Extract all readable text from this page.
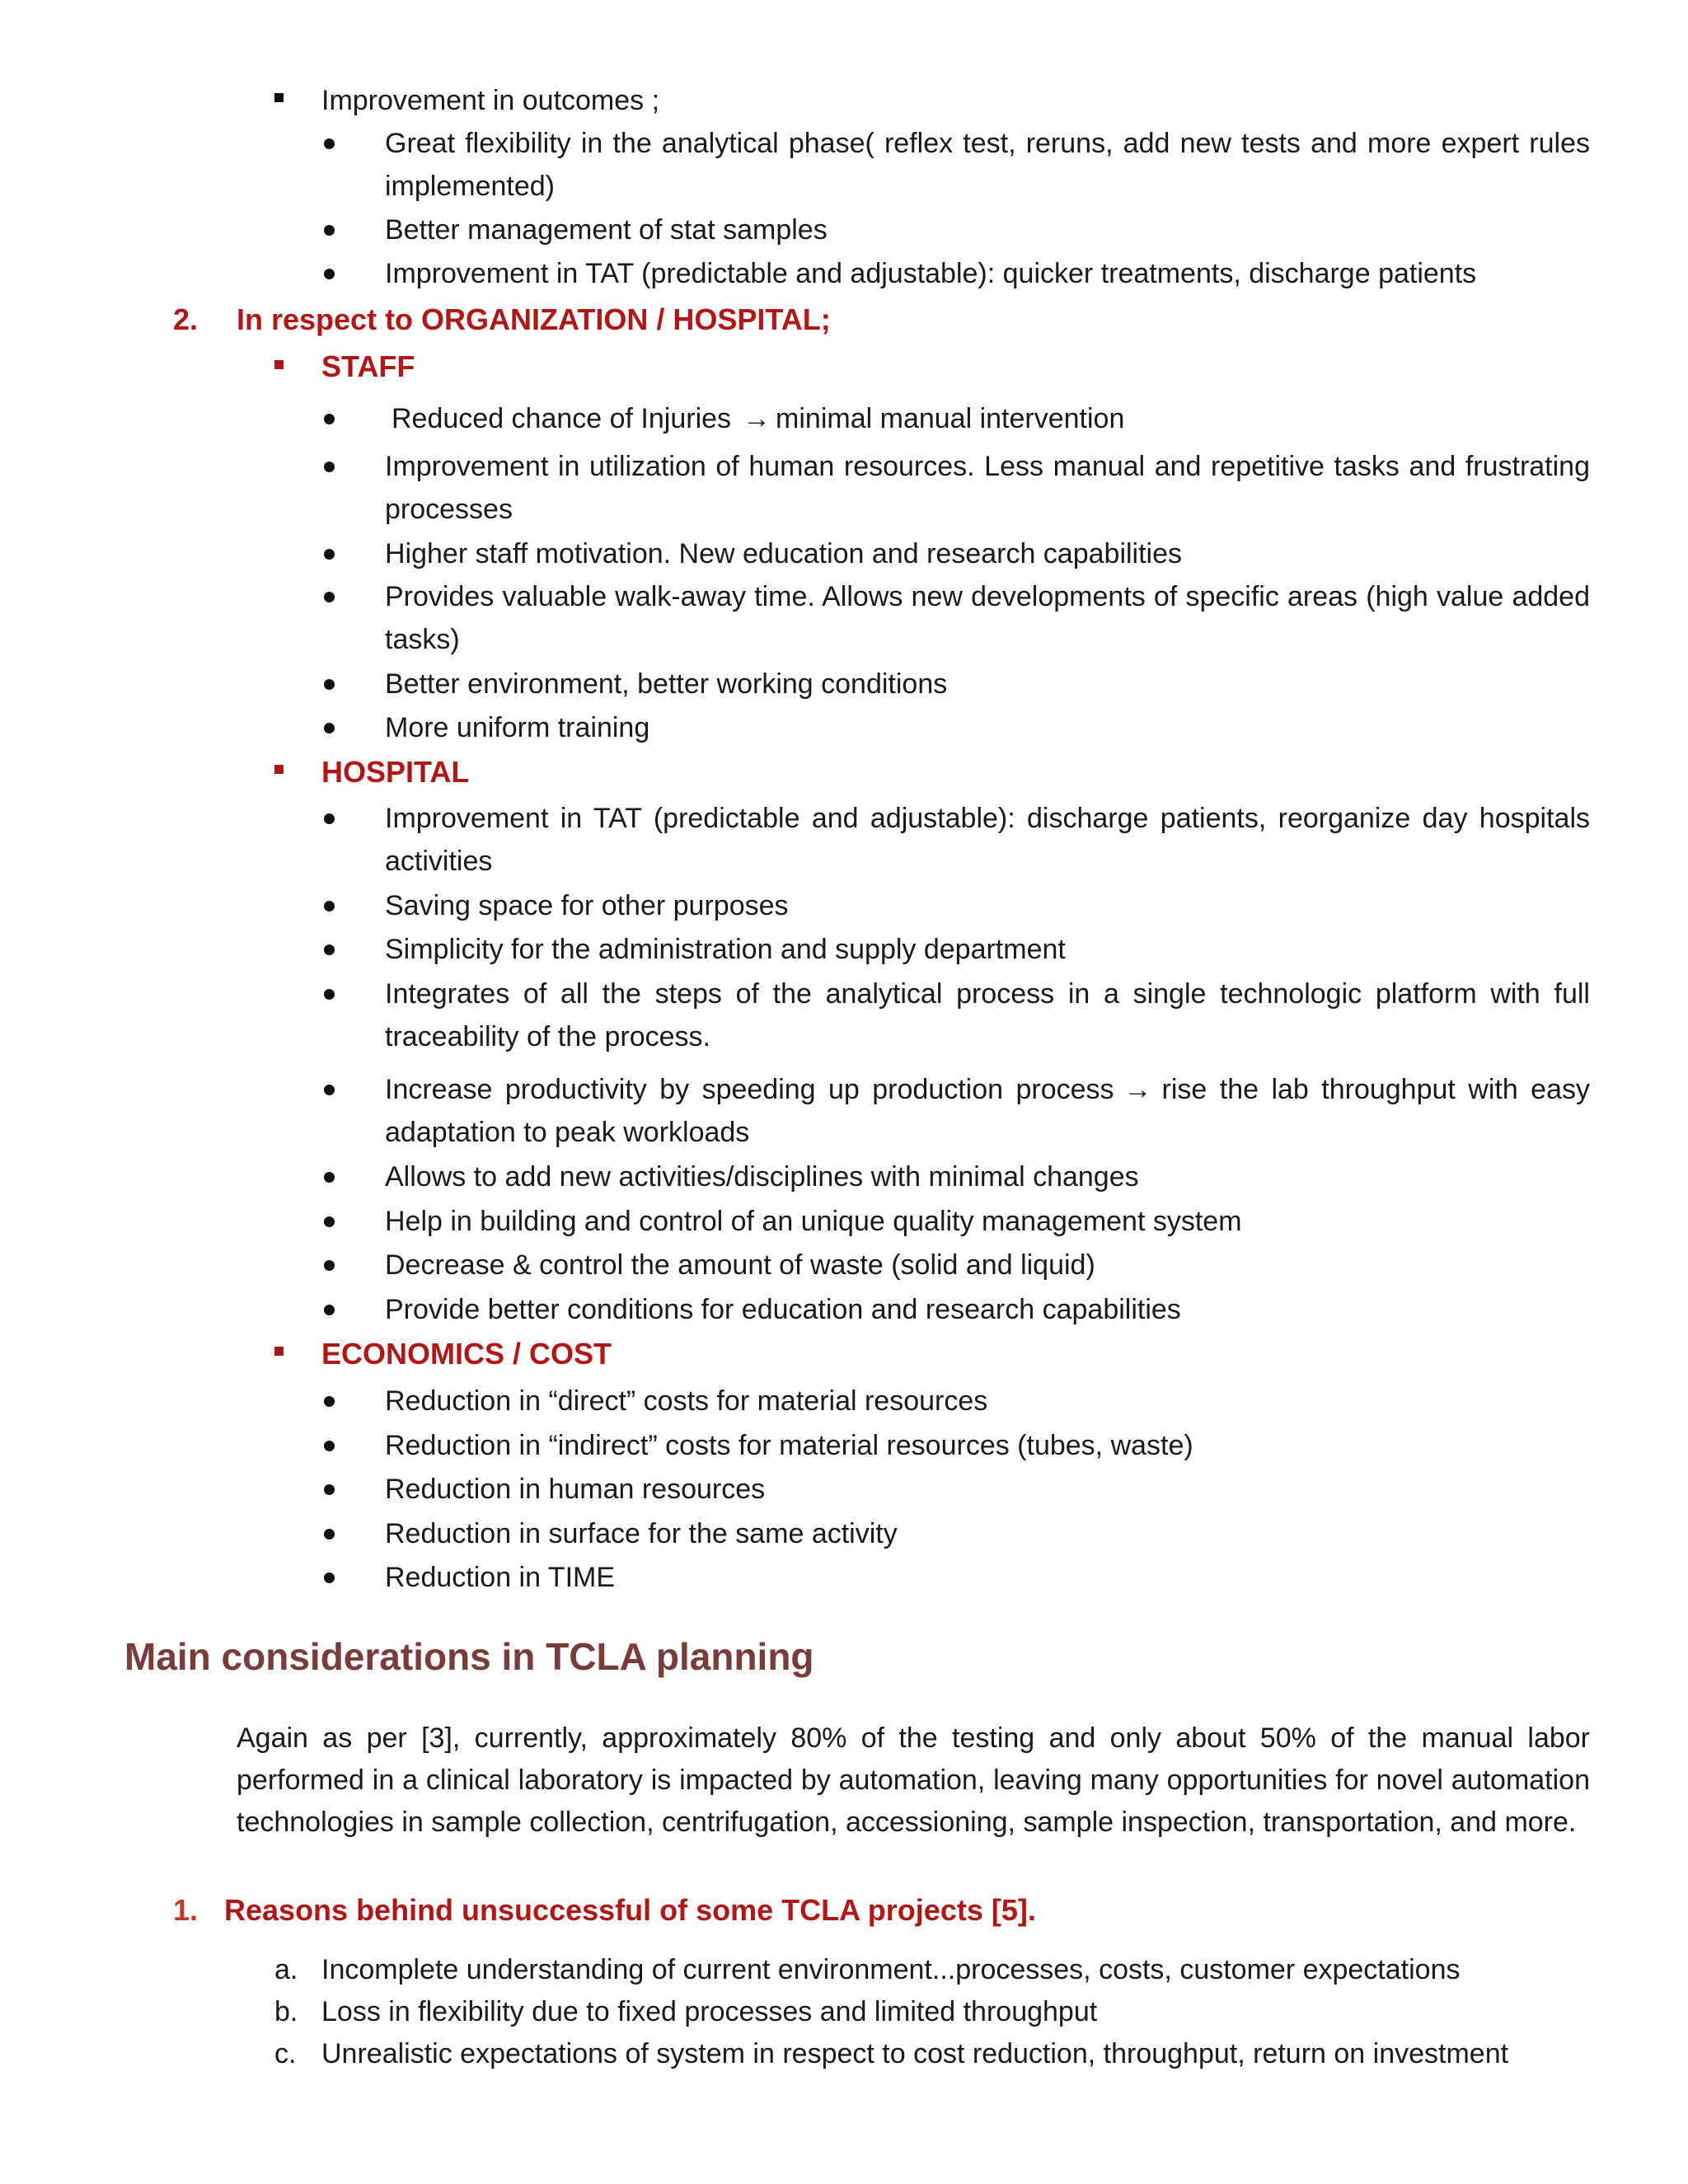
Improvement in outcomes ;
Great flexibility in the analytical phase( reflex test, reruns, add new tests and more expert rules implemented)
Better management of stat samples
Improvement in TAT (predictable and adjustable): quicker treatments, discharge patients
2. In respect to ORGANIZATION / HOSPITAL;
STAFF
Reduced chance of Injuries → minimal manual intervention
Improvement in utilization of human resources. Less manual and repetitive tasks and frustrating processes
Higher staff motivation. New education and research capabilities
Provides valuable walk-away time. Allows new developments of specific areas (high value added tasks)
Better environment, better working conditions
More uniform training
HOSPITAL
Improvement in TAT (predictable and adjustable): discharge patients, reorganize day hospitals activities
Saving space for other purposes
Simplicity for the administration and supply department
Integrates of all the steps of the analytical process in a single technologic platform with full traceability of the process.
Increase productivity by speeding up production process → rise the lab throughput with easy adaptation to peak workloads
Allows to add new activities/disciplines with minimal changes
Help in building and control of an unique quality management system
Decrease & control the amount of waste (solid and liquid)
Provide better conditions for education and research capabilities
ECONOMICS / COST
Reduction in “direct” costs for material resources
Reduction in “indirect” costs for material resources (tubes, waste)
Reduction in human resources
Reduction in surface for the same activity
Reduction in TIME
Main considerations in TCLA planning
Again as per [3], currently, approximately 80% of the testing and only about 50% of the manual labor performed in a clinical laboratory is impacted by automation, leaving many opportunities for novel automation technologies in sample collection, centrifugation, accessioning, sample inspection, transportation, and more.
1. Reasons behind unsuccessful of some TCLA projects [5].
a. Incomplete understanding of current environment...processes, costs, customer expectations
b. Loss in flexibility due to fixed processes and limited throughput
c. Unrealistic expectations of system in respect to cost reduction, throughput, return on investment
